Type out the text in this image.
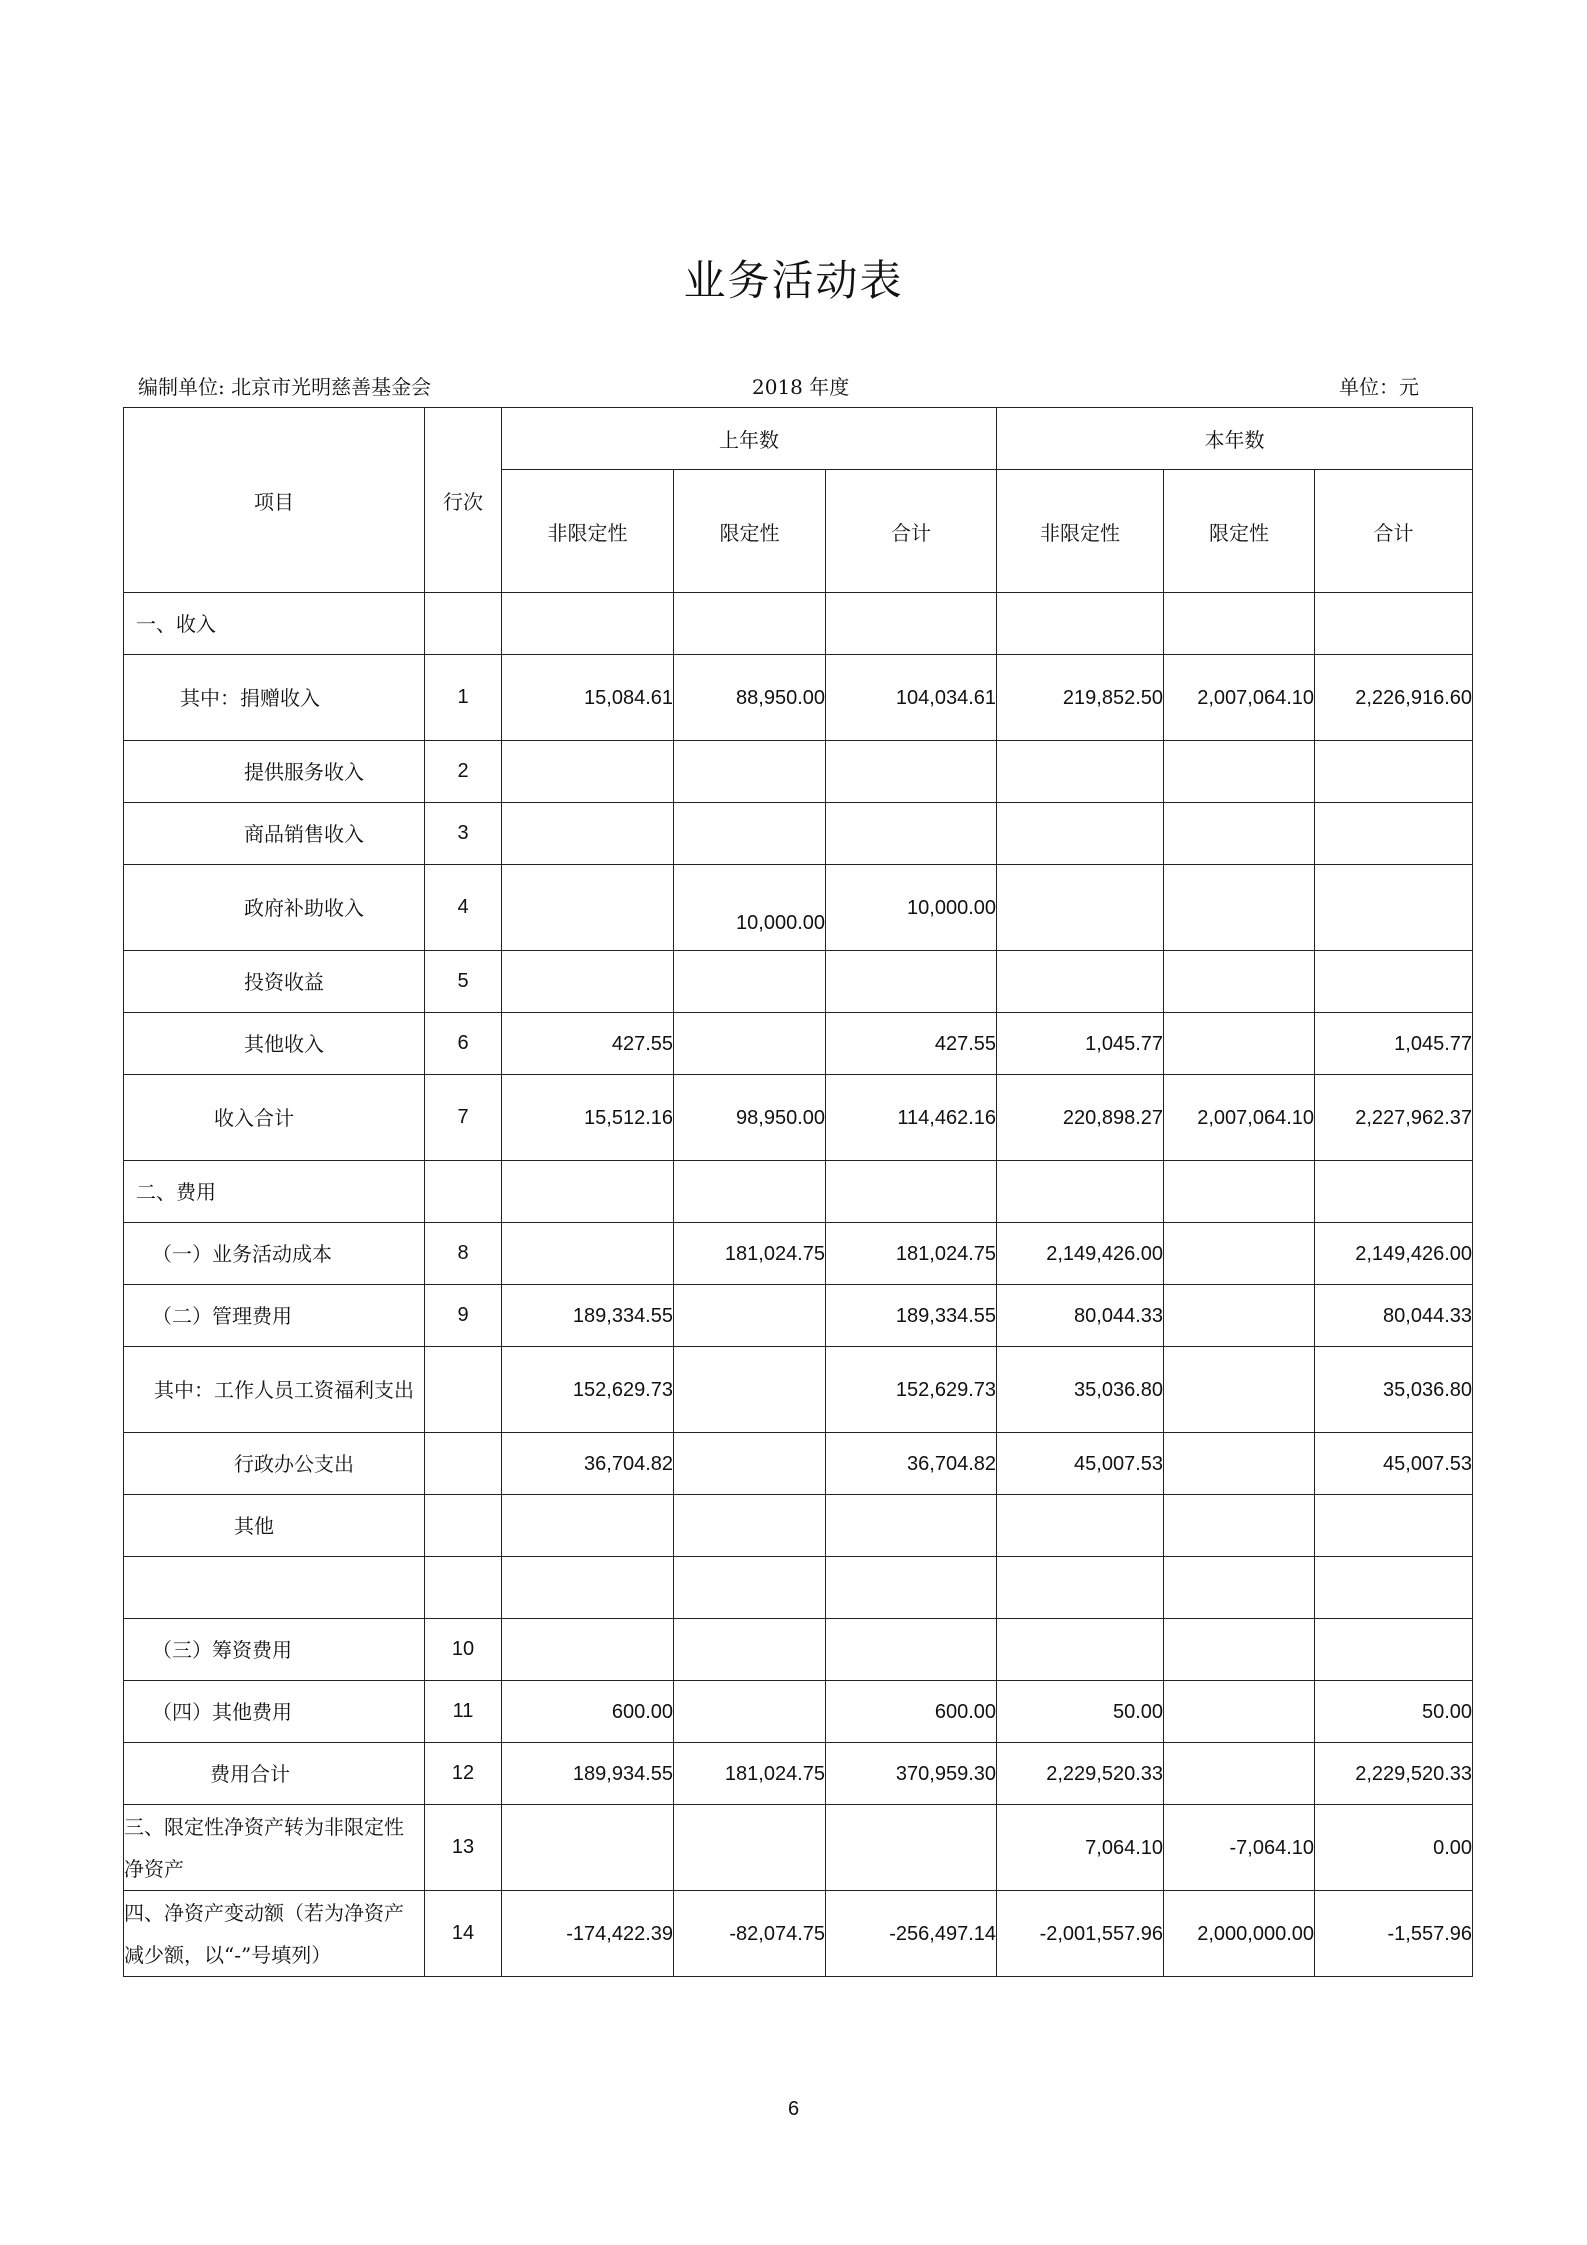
业务活动表
编制单位: 北京市光明慈善基金会	2018 年度	单位：元
项目	行次	上年数			本年数		
		非限定性	限定性	合计	非限定性	限定性	合计
一、收入							
其中：捐赠收入	1	15,084.61	88,950.00	104,034.61	219,852.50	2,007,064.10	2,226,916.60
提供服务收入	2						
商品销售收入	3						
政府补助收入	4		10,000.00	10,000.00			
投资收益	5						
其他收入	6	427.55		427.55	1,045.77		1,045.77
收入合计	7	15,512.16	98,950.00	114,462.16	220,898.27	2,007,064.10	2,227,962.37
二、费用							
（一）业务活动成本	8		181,024.75	181,024.75	2,149,426.00		2,149,426.00
（二）管理费用	9	189,334.55		189,334.55	80,044.33		80,044.33
其中：工作人员工资福利支出		152,629.73		152,629.73	35,036.80		35,036.80
行政办公支出		36,704.82		36,704.82	45,007.53		45,007.53
其他							

（三）筹资费用	10						
（四）其他费用	11	600.00		600.00	50.00		50.00
费用合计	12	189,934.55	181,024.75	370,959.30	2,229,520.33		2,229,520.33
三、限定性净资产转为非限定性净资产	13				7,064.10	-7,064.10	0.00
四、净资产变动额（若为净资产减少额，以“-”号填列）	14	-174,422.39	-82,074.75	-256,497.14	-2,001,557.96	2,000,000.00	-1,557.96
6
